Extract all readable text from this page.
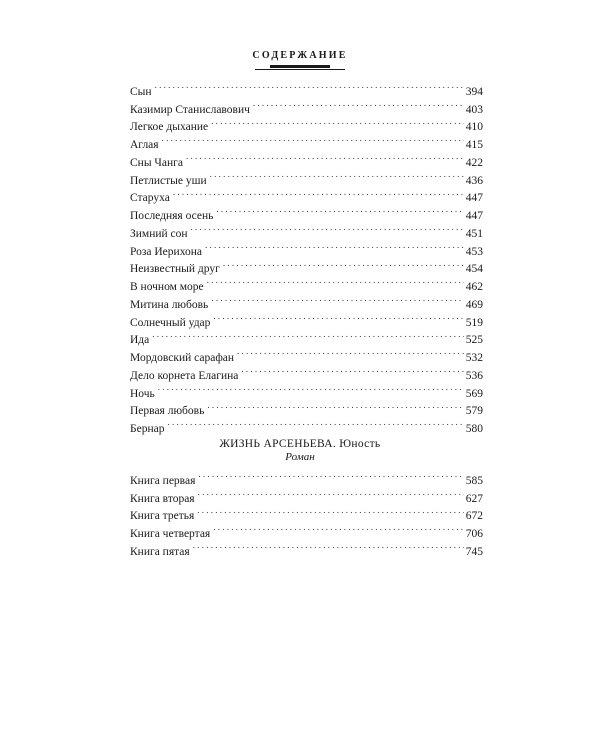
СОДЕРЖАНИЕ
Сын . . .	394
Казимир Станиславович . . .	403
Легкое дыхание . . .	410
Аглая . . .	415
Сны Чанга . . .	422
Петлистые уши . . .	436
Старуха . . .	447
Последняя осень . . .	447
Зимний сон . . .	451
Роза Иерихона . . .	453
Неизвестный друг . . .	454
В ночном море . . .	462
Митина любовь . . .	469
Солнечный удар . . .	519
Ида . . .	525
Мордовский сарафан . . .	532
Дело корнета Елагина . . .	536
Ночь . . .	569
Первая любовь . . .	579
Бернар . . .	580
ЖИЗНЬ АРСЕНЬЕВА. Юность
Роман
Книга первая . . .	585
Книга вторая . . .	627
Книга третья . . .	672
Книга четвертая . . .	706
Книга пятая . . .	745
